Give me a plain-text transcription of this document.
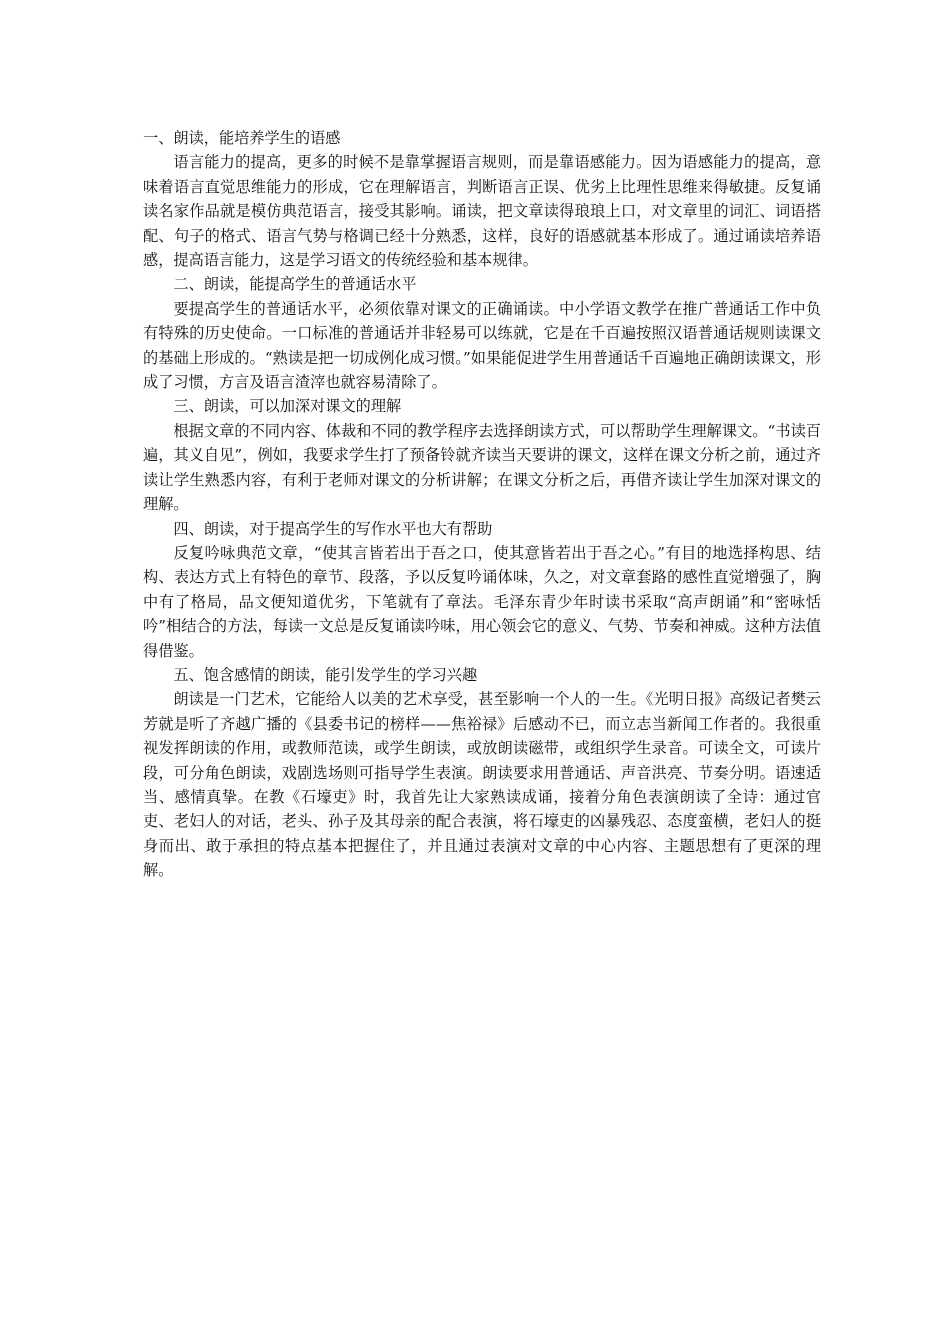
一、朗读，能培养学生的语感

语言能力的提高，更多的时候不是靠掌握语言规则，而是靠语感能力。因为语感能力的提高，意味着语言直觉思维能力的形成，它在理解语言，判断语言正误、优劣上比理性思维来得敏捷。反复诵读名家作品就是模仿典范语言，接受其影响。诵读，把文章读得琅琅上口，对文章里的词汇、词语搭配、句子的格式、语言气势与格调已经十分熟悉，这样，良好的语感就基本形成了。通过诵读培养语感，提高语言能力，这是学习语文的传统经验和基本规律。

二、朗读，能提高学生的普通话水平

要提高学生的普通话水平，必须依靠对课文的正确诵读。中小学语文教学在推广普通话工作中负有特殊的历史使命。一口标准的普通话并非轻易可以练就，它是在千百遍按照汉语普通话规则读课文的基础上形成的。“熟读是把一切成例化成习惯。”如果能促进学生用普通话千百遍地正确朗读课文，形成了习惯，方言及语言渣滓也就容易清除了。

三、朗读，可以加深对课文的理解

根据文章的不同内容、体裁和不同的教学程序去选择朗读方式，可以帮助学生理解课文。“书读百遍，其义自见”，例如，我要求学生打了预备铃就齐读当天要讲的课文，这样在课文分析之前，通过齐读让学生熟悉内容，有利于老师对课文的分析讲解；在课文分析之后，再借齐读让学生加深对课文的理解。

四、朗读，对于提高学生的写作水平也大有帮助

反复吟咏典范文章，“使其言皆若出于吾之口，使其意皆若出于吾之心。”有目的地选择构思、结构、表达方式上有特色的章节、段落，予以反复吟诵体味，久之，对文章套路的感性直觉增强了，胸中有了格局，品文便知道优劣，下笔就有了章法。毛泽东青少年时读书采取“高声朗诵”和“密咏恬吟”相结合的方法，每读一文总是反复诵读吟味，用心领会它的意义、气势、节奏和神威。这种方法值得借鉴。

五、饱含感情的朗读，能引发学生的学习兴趣

朗读是一门艺术，它能给人以美的艺术享受，甚至影响一个人的一生。《光明日报》高级记者樊云芳就是听了齐越广播的《县委书记的榜样——焦裕禄》后感动不已，而立志当新闻工作者的。我很重视发挥朗读的作用，或教师范读，或学生朗读，或放朗读磁带，或组织学生录音。可读全文，可读片段，可分角色朗读，戏剧选场则可指导学生表演。朗读要求用普通话、声音洪亮、节奏分明。语速适当、感情真挚。在教《石壕吏》时，我首先让大家熟读成诵，接着分角色表演朗读了全诗：通过官吏、老妇人的对话，老头、孙子及其母亲的配合表演，将石壕吏的凶暴残忍、态度蛮横，老妇人的挺身而出、敢于承担的特点基本把握住了，并且通过表演对文章的中心内容、主题思想有了更深的理解。
